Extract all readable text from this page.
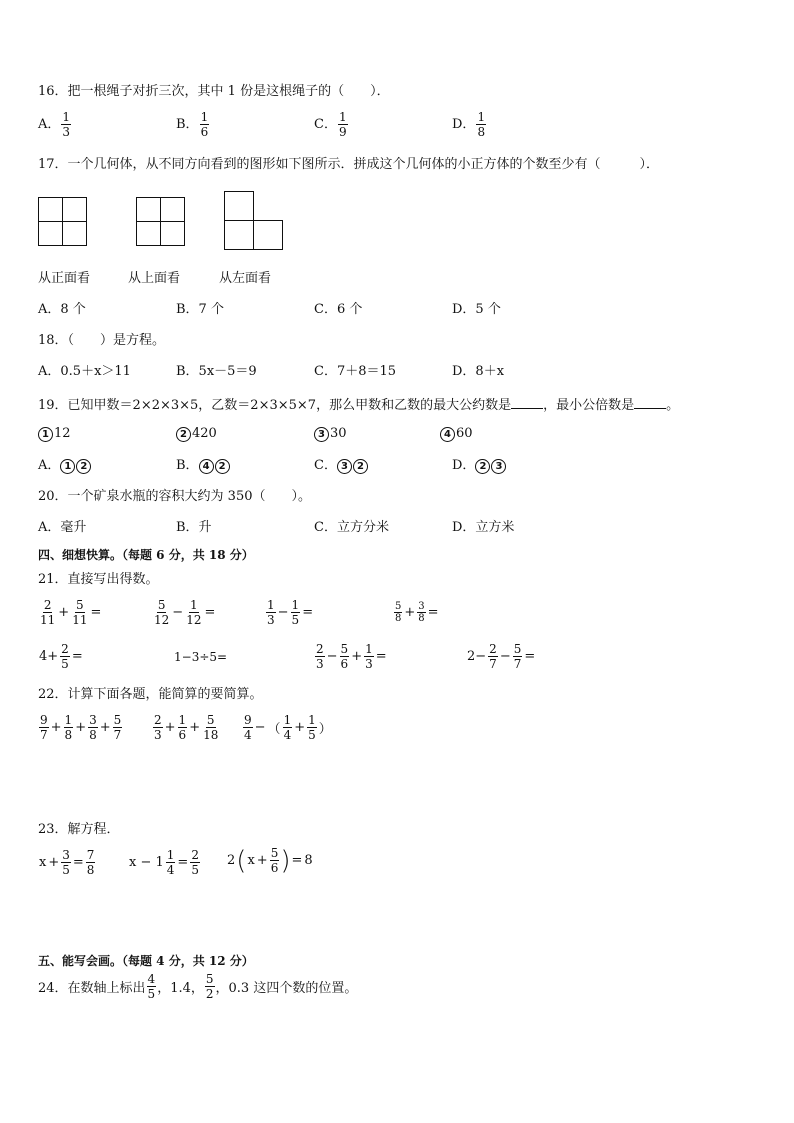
16．把一根绳子对折三次，其中 1 份是这根绳子的（　　）．
A． $\frac{1}{3}$	B． $\frac{1}{6}$	C． $\frac{1}{9}$	D． $\frac{1}{8}$
17．一个几何体，从不同方向看到的图形如下图所示．拼成这个几何体的小正方体的个数至少有（　　　）．
从正面看	从上面看	从左面看
A．8 个	B．7 个	C．6 个	D．5 个
18．（　　）是方程。
A．0.5＋x＞11	B．5x－5＝9	C．7＋8＝15	D．8＋x
19．已知甲数＝2×2×3×5，乙数＝2×3×5×7，那么甲数和乙数的最大公约数是 ，最小公倍数是 。
1 12	2 420	3 30	4 60
A． 1 2	B． 4 2	C． 3 2	D． 2 3
20．一个矿泉水瓶的容积大约为 350（　　）。
A．毫升	B．升	C．立方分米	D．立方米
四、细想快算。（每题 6 分，共 18 分）
21．直接写出得数。
$\frac{2}{11} + \frac{5}{11}$ =	$\frac{5}{12} - \frac{1}{12}$ =	$\frac{1}{3} - \frac{1}{5}$ =	$\frac{5}{8} + \frac{3}{8}$ =
$4+ \frac{2}{5}$ =	1−3÷5=	$\frac{2}{3} - \frac{5}{6} + \frac{1}{3}$ =	$2- \frac{2}{7} - \frac{5}{7}$ =
22．计算下面各题，能简算的要简算。
$\frac{9}{7} + \frac{1}{8} + \frac{3}{8} + \frac{5}{7}$	$\frac{2}{3} + \frac{1}{6} + \frac{5}{18} \frac{9}{4}$ − （ $\frac{1}{4} + \frac{1}{5}$ ）
23．解方程．
$x + \frac{3}{5} = \frac{7}{8}$	$x - 1 \frac{1}{4} = \frac{2}{5} 2$ ( $x + \frac{5}{6}$ ) = 8
五、能写会画。（每题 4 分，共 12 分）
24．在数轴上标出 $\frac{4}{5}$ ，1.4， $\frac{5}{2}$ ，0.3 这四个数的位置。
